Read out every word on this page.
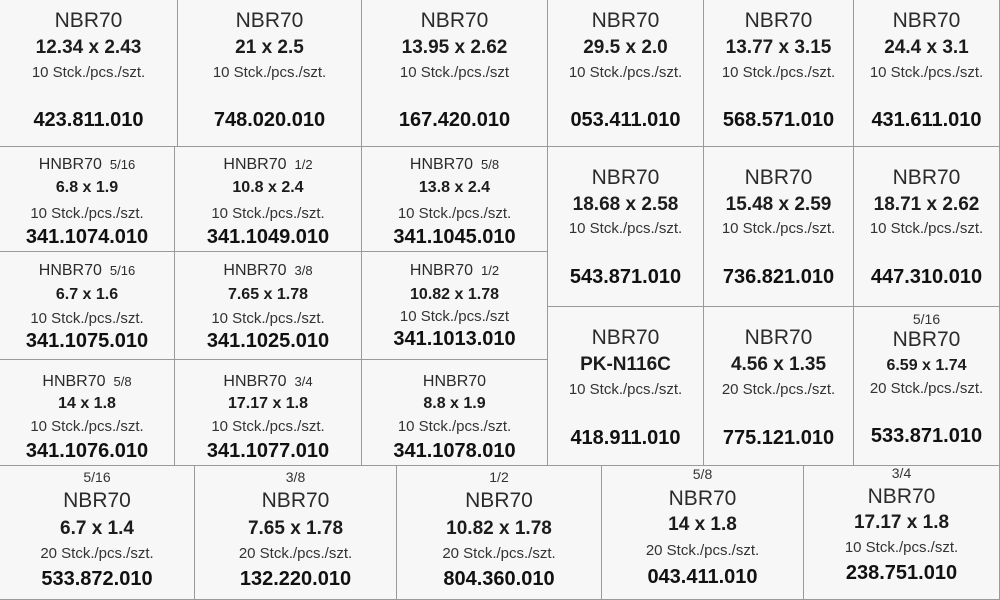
NBR70
12.34 x 2.43
10 Stck./pcs./szt.
423.811.010
NBR70
21 x 2.5
10 Stck./pcs./szt.
748.020.010
NBR70
13.95 x 2.62
10 Stck./pcs./szt
167.420.010
NBR70
29.5 x 2.0
10 Stck./pcs./szt.
053.411.010
NBR70
13.77 x 3.15
10 Stck./pcs./szt.
568.571.010
NBR70
24.4 x 3.1
10 Stck./pcs./szt.
431.611.010
HNBR70 5/16
6.8 x 1.9
10 Stck./pcs./szt.
341.1074.010
HNBR70 1/2
10.8 x 2.4
10 Stck./pcs./szt.
341.1049.010
HNBR70 5/8
13.8 x 2.4
10 Stck./pcs./szt.
341.1045.010
HNBR70 5/16
6.7 x 1.6
10 Stck./pcs./szt.
341.1075.010
HNBR70 3/8
7.65 x 1.78
10 Stck./pcs./szt.
341.1025.010
HNBR70 1/2
10.82 x 1.78
10 Stck./pcs./szt
341.1013.010
HNBR70 5/8
14 x 1.8
10 Stck./pcs./szt.
341.1076.010
HNBR70 3/4
17.17 x 1.8
10 Stck./pcs./szt.
341.1077.010
HNBR70
8.8 x 1.9
10 Stck./pcs./szt.
341.1078.010
NBR70
18.68 x 2.58
10 Stck./pcs./szt.
543.871.010
NBR70
15.48 x 2.59
10 Stck./pcs./szt.
736.821.010
NBR70
18.71 x 2.62
10 Stck./pcs./szt.
447.310.010
NBR70
PK-N116C
10 Stck./pcs./szt.
418.911.010
NBR70
4.56 x 1.35
20 Stck./pcs./szt.
775.121.010
5/16
NBR70
6.59 x 1.74
20 Stck./pcs./szt.
533.871.010
5/16
NBR70
6.7 x 1.4
20 Stck./pcs./szt.
533.872.010
3/8
NBR70
7.65 x 1.78
20 Stck./pcs./szt.
132.220.010
1/2
NBR70
10.82 x 1.78
20 Stck./pcs./szt.
804.360.010
5/8
NBR70
14 x 1.8
20 Stck./pcs./szt.
043.411.010
3/4
NBR70
17.17 x 1.8
10 Stck./pcs./szt.
238.751.010
